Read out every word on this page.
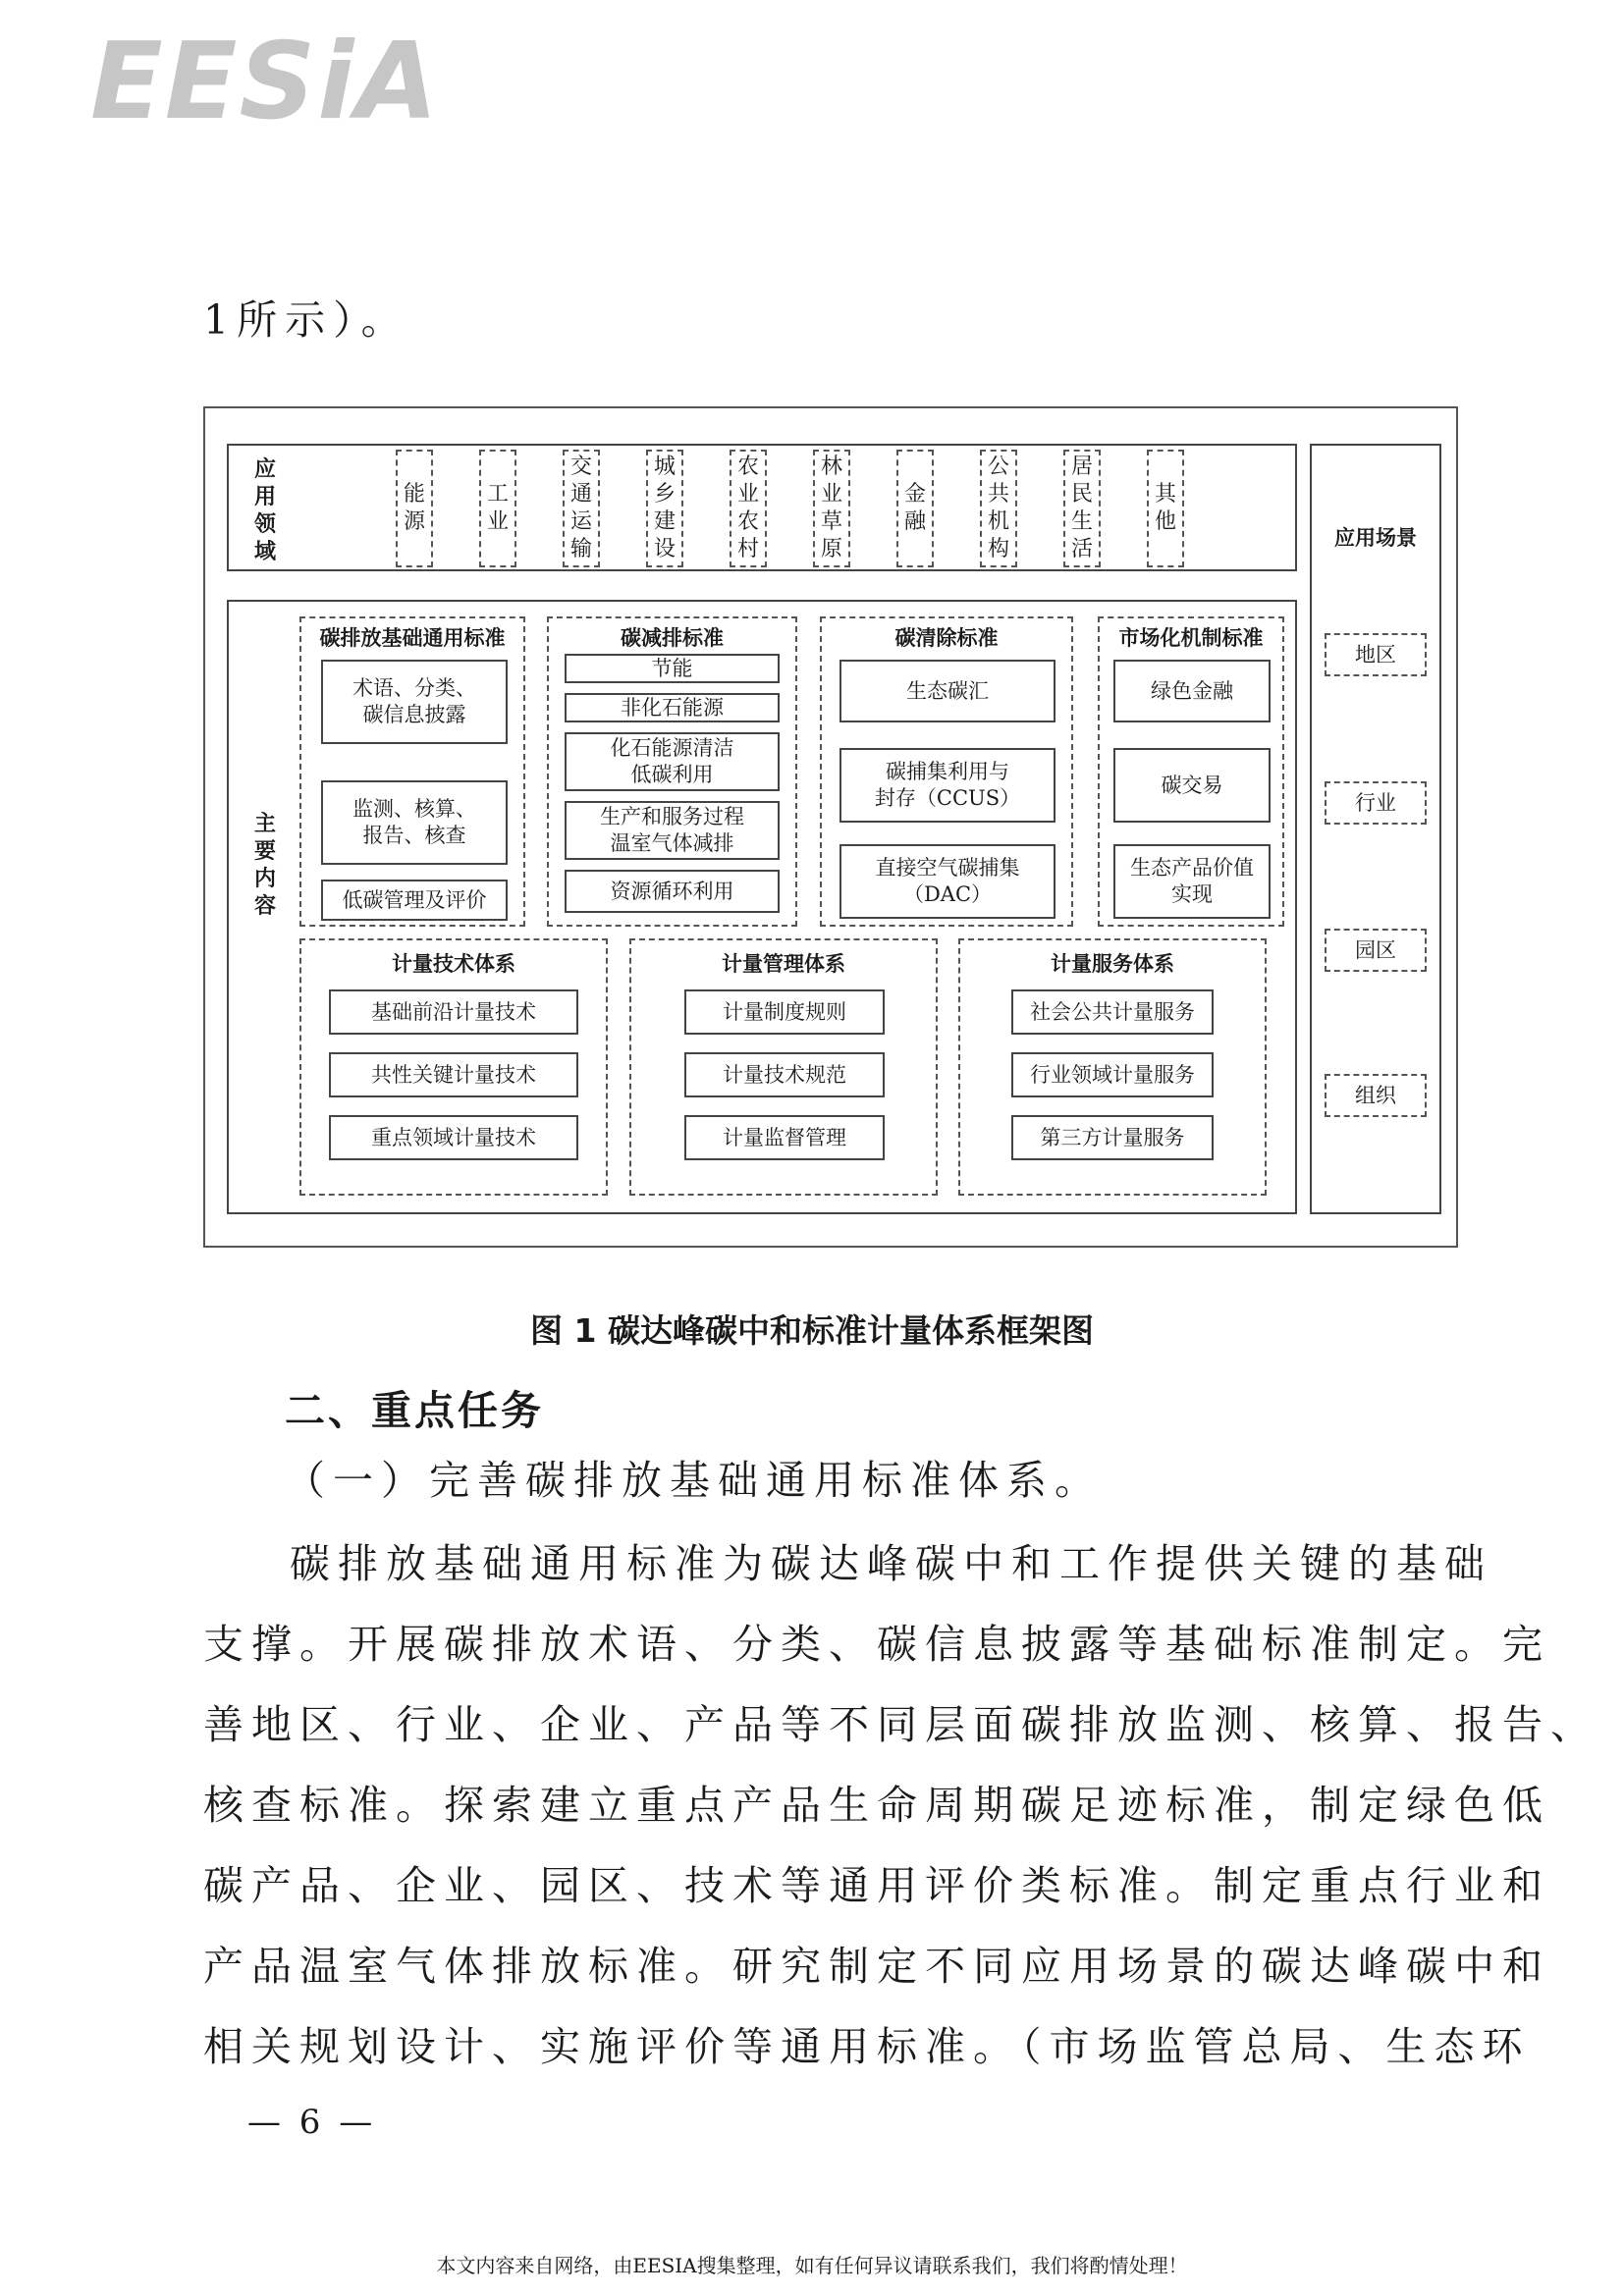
EESiA
1所示）。
应
用
领
域
能
源
工
业
交
通
运
输
城
乡
建
设
农
业
农
村
林
业
草
原
金
融
公
共
机
构
居
民
生
活
其
他
主
要
内
容
碳排放基础通用标准
术语、分类、
碳信息披露
监测、核算、
报告、核查
低碳管理及评价
碳减排标准
节能
非化石能源
化石能源清洁
低碳利用
生产和服务过程
温室气体减排
资源循环利用
碳清除标准
生态碳汇
碳捕集利用与
封存（CCUS）
直接空气碳捕集
（DAC）
市场化机制标准
绿色金融
碳交易
生态产品价值
实现
计量技术体系
基础前沿计量技术
共性关键计量技术
重点领域计量技术
计量管理体系
计量制度规则
计量技术规范
计量监督管理
计量服务体系
社会公共计量服务
行业领域计量服务
第三方计量服务
应用场景
地区
行业
园区
组织
图 1 碳达峰碳中和标准计量体系框架图
二、重点任务
（一）完善碳排放基础通用标准体系。
碳排放基础通用标准为碳达峰碳中和工作提供关键的基础
支撑。开展碳排放术语、分类、碳信息披露等基础标准制定。完
善地区、行业、企业、产品等不同层面碳排放监测、核算、报告、
核查标准。探索建立重点产品生命周期碳足迹标准，制定绿色低
碳产品、企业、园区、技术等通用评价类标准。制定重点行业和
产品温室气体排放标准。研究制定不同应用场景的碳达峰碳中和
相关规划设计、实施评价等通用标准。（市场监管总局、生态环
— 6 —
本文内容来自网络，由EESIA搜集整理，如有任何异议请联系我们，我们将酌情处理！
